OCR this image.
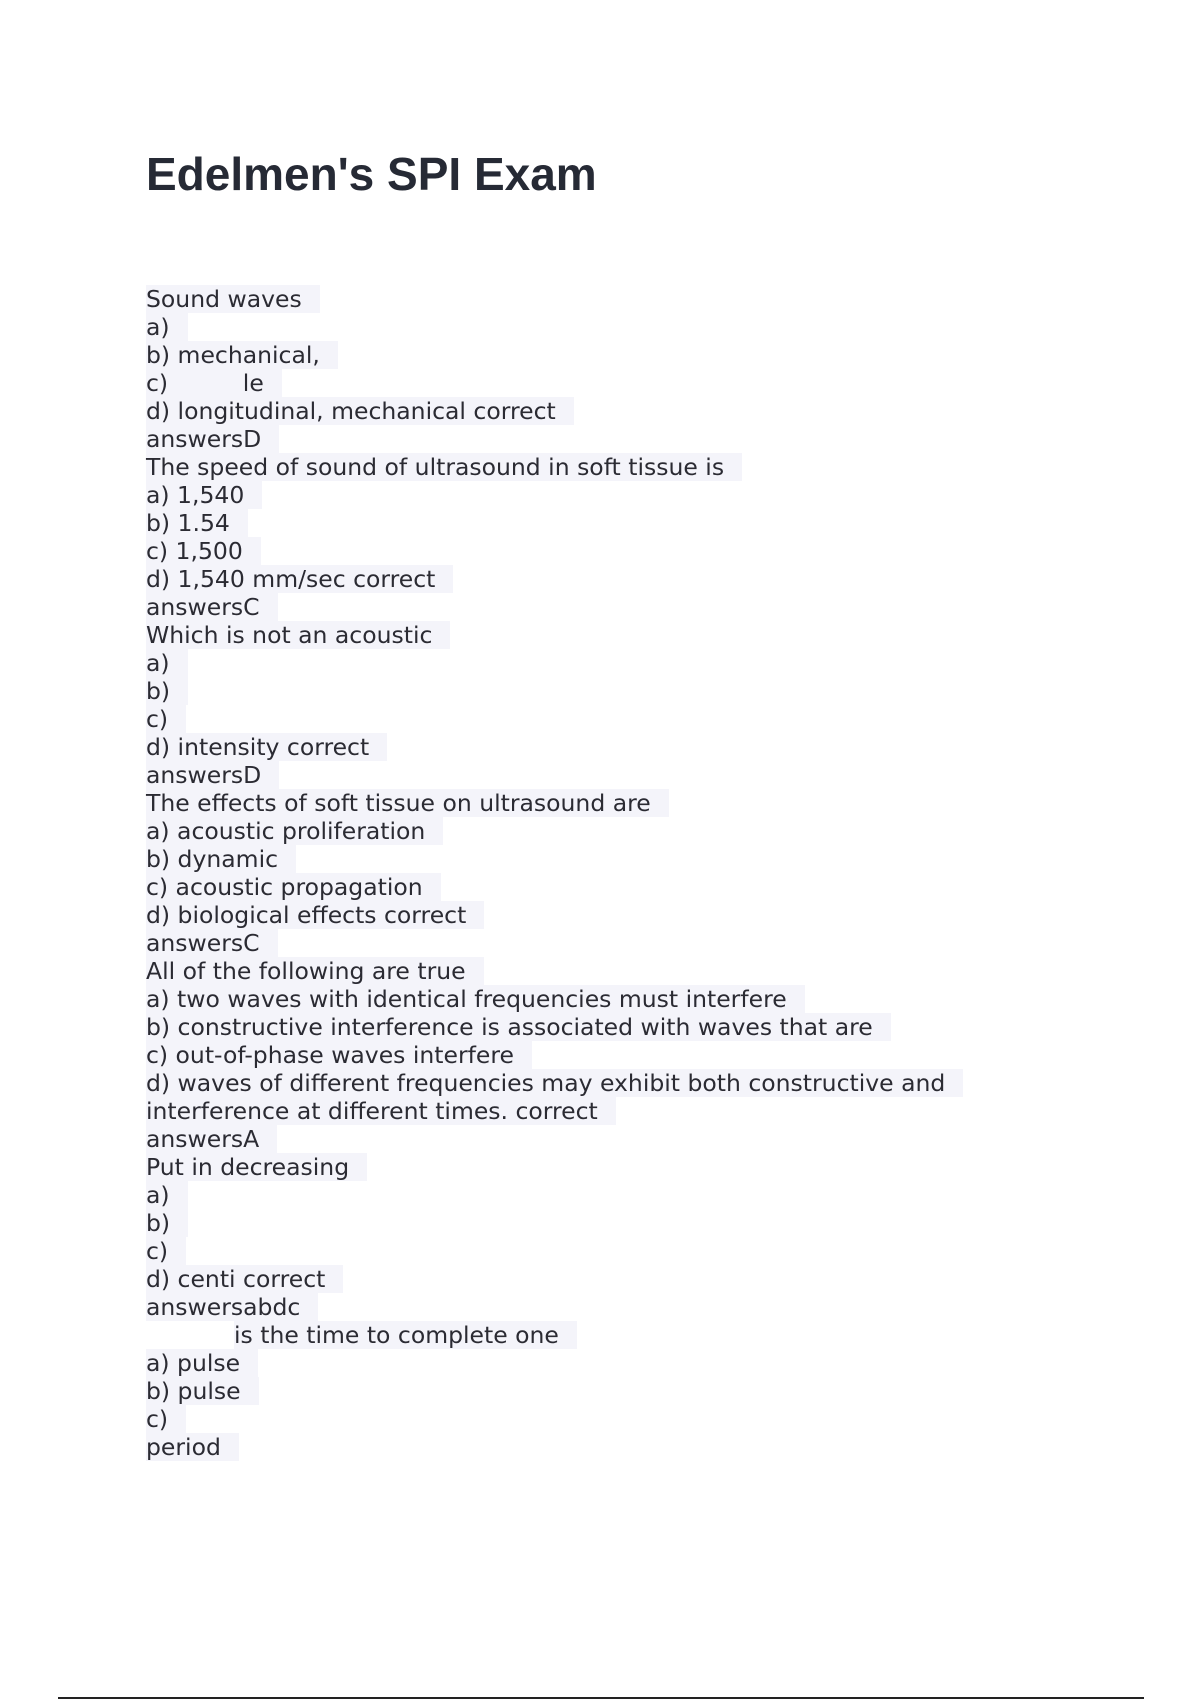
Edelmen's SPI Exam
Sound waves
a)
b) mechanical,
c)          le
d) longitudinal, mechanical correct
answersD
The speed of sound of ultrasound in soft tissue is
a) 1,540
b) 1.54
c) 1,500
d) 1,540 mm/sec correct
answersC
Which is not an acoustic
a)
b)
c)
d) intensity correct
answersD
The effects of soft tissue on ultrasound are
a) acoustic proliferation
b) dynamic
c) acoustic propagation
d) biological effects correct
answersC
All of the following are true
a) two waves with identical frequencies must interfere
b) constructive interference is associated with waves that are
c) out-of-phase waves interfere
d) waves of different frequencies may exhibit both constructive and
interference at different times. correct
answersA
Put in decreasing
a)
b)
c)
d) centi correct
answersabdc
is the time to complete one
a) pulse
b) pulse
c)
period
